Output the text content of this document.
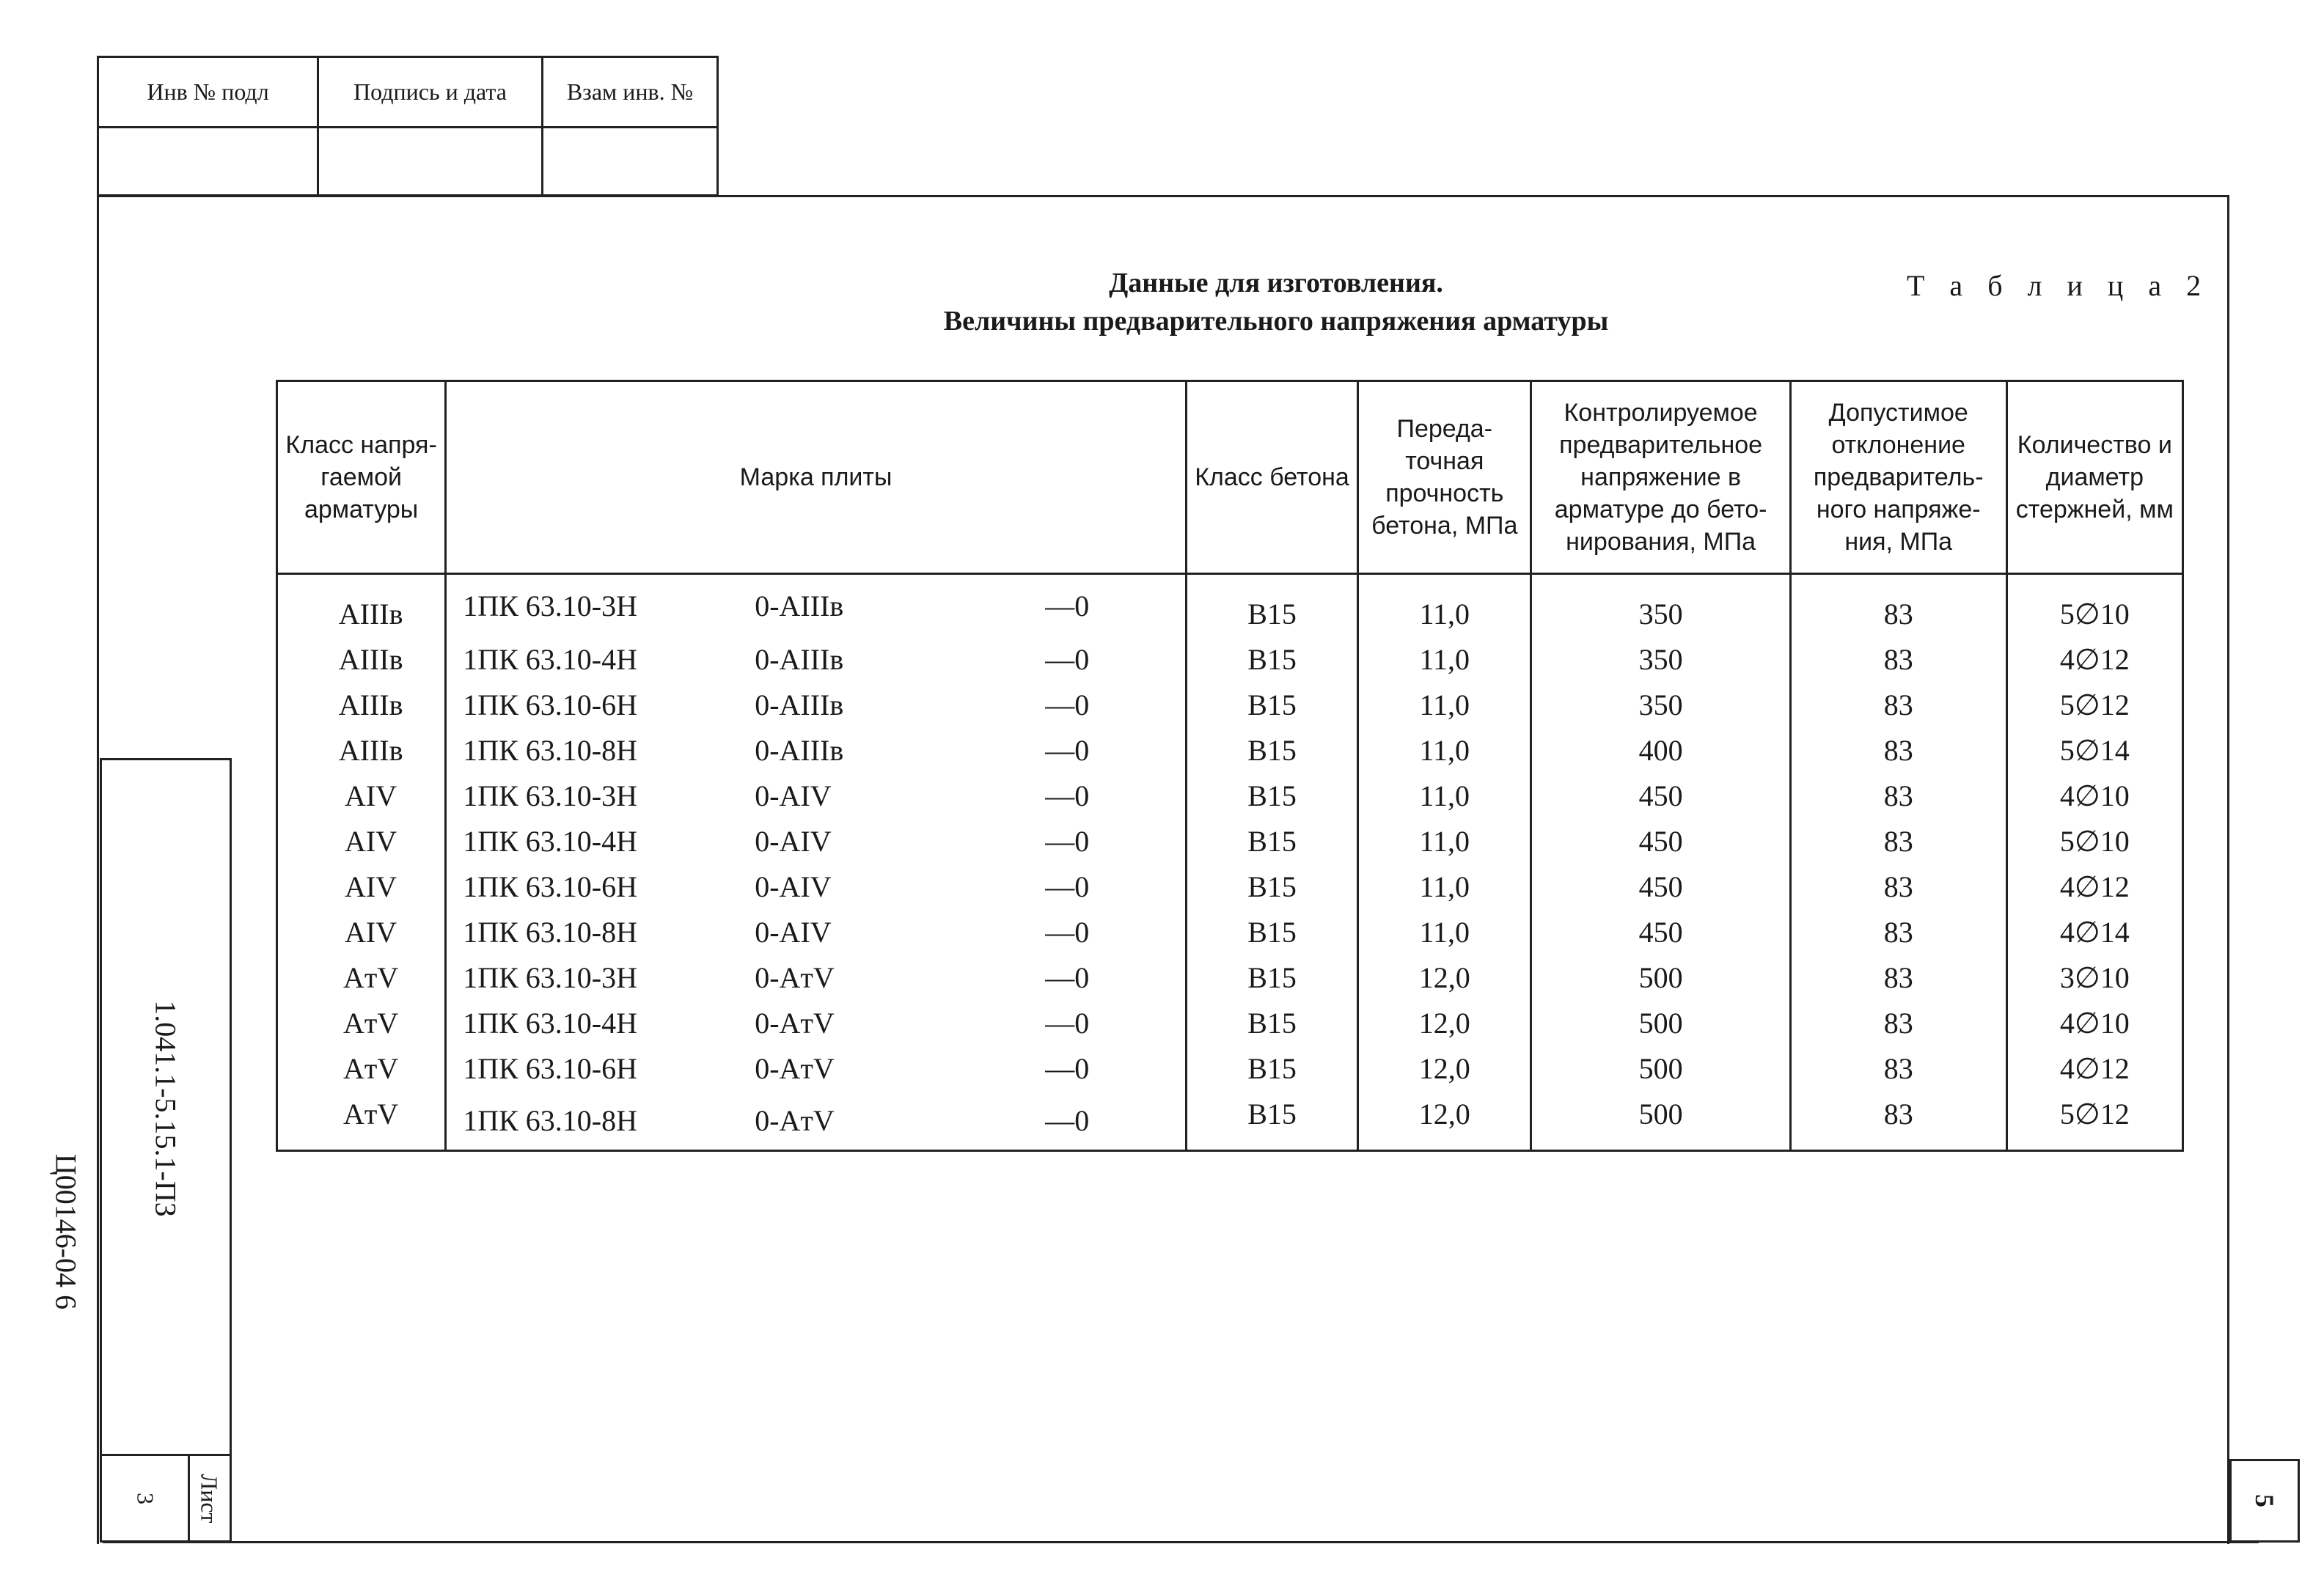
Инв № подл	Подпись и дата	Взам инв. №
Данные для изготовления.
Величины предварительного напряжения арматуры
Т а б л и ц а 2
Класс напря- гаемой арматуры	Марка плиты	Класс бетона	Переда- точная прочность бетона, МПа	Контролируемое предварительное напряжение в арматуре до бето- нирования, МПа	Допустимое отклонение предваритель- ного напряже- ния, МПа	Количество и диаметр стержней, мм
AIIIв	1ПК 63.10-3Н 0-AIIIв —0	B15	11,0	350	83	5∅10
AIIIв	1ПК 63.10-4Н 0-AIIIв —0	B15	11,0	350	83	4∅12
AIIIв	1ПК 63.10-6Н 0-AIIIв —0	B15	11,0	350	83	5∅12
AIIIв	1ПК 63.10-8Н 0-AIIIв —0	B15	11,0	400	83	5∅14
AIV	1ПК 63.10-3Н 0-AIV —0	B15	11,0	450	83	4∅10
AIV	1ПК 63.10-4Н 0-AIV —0	B15	11,0	450	83	5∅10
AIV	1ПК 63.10-6Н 0-AIV —0	B15	11,0	450	83	4∅12
AIV	1ПК 63.10-8Н 0-AIV —0	B15	11,0	450	83	4∅14
AтV	1ПК 63.10-3Н 0-AтV —0	B15	12,0	500	83	3∅10
AтV	1ПК 63.10-4Н 0-AтV —0	B15	12,0	500	83	4∅10
AтV	1ПК 63.10-6Н 0-AтV —0	B15	12,0	500	83	4∅12
AтV	1ПК 63.10-8Н 0-AтV —0	B15	12,0	500	83	5∅12
1.041.1-5.15.1-ПЗ
3 Лист
Ц00146-04 6
5
